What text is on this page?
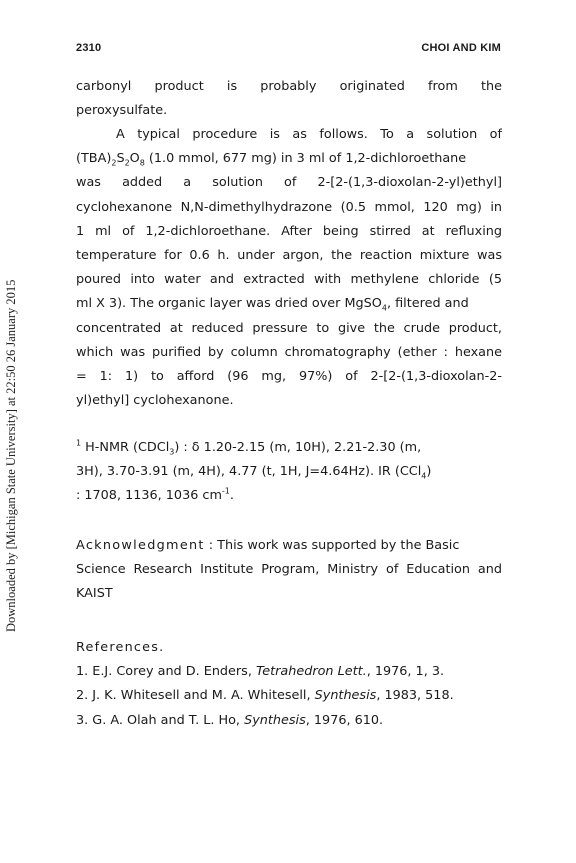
2310	CHOI AND KIM
Downloaded by [Michigan State University] at 22:50 26 January 2015
carbonyl product is probably originated from the
peroxysulfate.
A typical procedure is as follows. To a solution of
$(TBA)_2S_2O_8$ (1.0 mmol, 677 mg) in 3 ml of 1,2-dichloroethane
was added a solution of 2-[2-(1,3-dioxolan-2-yl)ethyl]
cyclohexanone N,N-dimethylhydrazone (0.5 mmol, 120 mg) in
1 ml of 1,2-dichloroethane. After being stirred at refluxing
temperature for 0.6 h. under argon, the reaction mixture was
poured into water and extracted with methylene chloride (5
ml X 3). The organic layer was dried over MgSO$_4$, filtered and
concentrated at reduced pressure to give the crude product,
which was purified by column chromatography (ether : hexane
= 1: 1) to afford (96 mg, 97%) of 2-[2-(1,3-dioxolan-2-
yl)ethyl] cyclohexanone.
$^1$ H-NMR (CDCl$_3$) : δ 1.20-2.15 (m, 10H), 2.21-2.30 (m,
3H), 3.70-3.91 (m, 4H), 4.77 (t, 1H, J=4.64Hz). IR (CCl$_4$)
: 1708, 1136, 1036 $cm^{-1}$.
Acknowledgment : This work was supported by the Basic
Science Research Institute Program, Ministry of Education and
KAIST
References.
1. E.J. Corey and D. Enders, Tetrahedron Lett., 1976, 1, 3.
2. J. K. Whitesell and M. A. Whitesell, Synthesis, 1983, 518.
3. G. A. Olah and T. L. Ho, Synthesis, 1976, 610.
